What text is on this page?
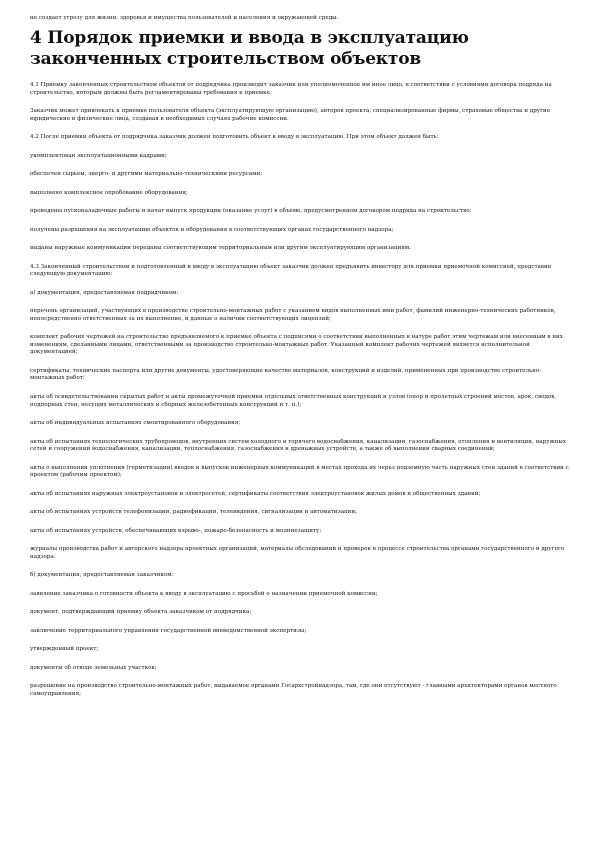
не создает угрозу для жизни, здоровья и имущества пользователей и населения и окружающей среды.
4 Порядок приемки и ввода в эксплуатацию законченных строительством объектов

4.1 Приемку законченных строительством объектов от подрядчика производит заказчик или уполномоченное им иное лицо, в соответствии с условиями договора подряда на строительство, которым должны быть регламентированы требования к приемке.

Заказчик может привлекать к приемке пользователя объекта (эксплуатирующую организацию), авторов проекта, специализированные фирмы, страховые общества и другие юридические и физические лица, создавая в необходимых случаях рабочие комиссии.

4.2 После приемки объекта от подрядчика заказчик должен подготовить объект к вводу в эксплуатацию. При этом объект должен быть:

укомплектован эксплуатационными кадрами;

обеспечен сырьем, энерго- и другими материально-техническими ресурсами;

выполнено комплексное опробование оборудования;

проведены пусконаладочные работы и начат выпуск продукции (оказание услуг) в объеме, предусмотренном договором подряда на строительство;

получены разрешения на эксплуатацию объектов и оборудования в соответствующих органах государственного надзора;

выданы наружные коммуникации переданы соответствующим территориальным или другим эксплуатирующим организациям.

4.3 Законченный строительством и подготовленный к вводу в эксплуатацию объект заказчик должен предъявить инвестору для приемки приемочной комиссией, представив следующую документацию:

а) документация, предоставляемая подрядчиком:

перечень организаций, участвующих в производстве строительно-монтажных работ с указанием видов выполненных ими работ, фамилий инженерно-технических работников, непосредственно ответственных за их выполнение, и данные о наличии соответствующих лицензий;

комплект рабочих чертежей на строительство предъявляемого к приемке объекта с подписями о соответствии выполненных в натуре работ этим чертежам или внесенным в них изменениям, сделанными лицами, ответственными за производство строительно-монтажных работ. Указанный комплект рабочих чертежей является исполнительной документацией;

сертификаты, технические паспорта или другие документы, удостоверяющие качество материалов, конструкций и изделий, примененных при производстве строительно-монтажных работ;

акты об освидетельствовании скрытых работ и акты промежуточной приемки отдельных ответственных конструкций и узлов (опор и пролетных строений мостов, арок, сводов, подпорных стен, несущих металлических и сборных железобетонных конструкций и т. п.);

акты об индивидуальных испытаниях смонтированного оборудования;

акты об испытаниях технологических трубопроводов, внутренних систем холодного и горячего водоснабжения, канализации, газоснабжения, отопления и вентиляции, наружных сетей и сооружений водоснабжения, канализации, теплоснабжения, газоснабжения и дренажных устройств, а также об выполнении сварных соединений;

акты о выполнении уплотнения (герметизации) вводов и выпусков инженерных коммуникаций в местах прохода их через подземную часть наружных стен зданий в соответствии с проектом (рабочим проектом);

акты об испытаниях наружных электроустановок и электросетей, сертификаты соответствия электроустановок жилых домов и общественных зданий;

акты об испытаниях устройств телефонизации, радиофикации, телевидения, сигнализации и автоматизации;

акты об испытаниях устройств, обеспечивающих взрыво-, пожаро-безопасность и молниезащиту;

журналы производства работ и авторского надзора проектных организаций, материалы обследований и проверок в процессе строительства органами государственного и другого надзора.

б) документация, предоставляемая заказчиком:

заявление заказчика о готовности объекта к вводу в эксплуатацию с просьбой о назначении приемочной комиссии;

документ, подтверждающий приемку объекта заказчиком от подрядчика;

заключение территориального управления государственной вневедомственной экспертизы;

утвержденный проект;

документы об отводе земельных участков;

разрешение на производство строительно-монтажных работ, выдаваемое органами Госархстройнадзора, там, где они отсутствуют - главными архитекторами органов местного самоуправления;
